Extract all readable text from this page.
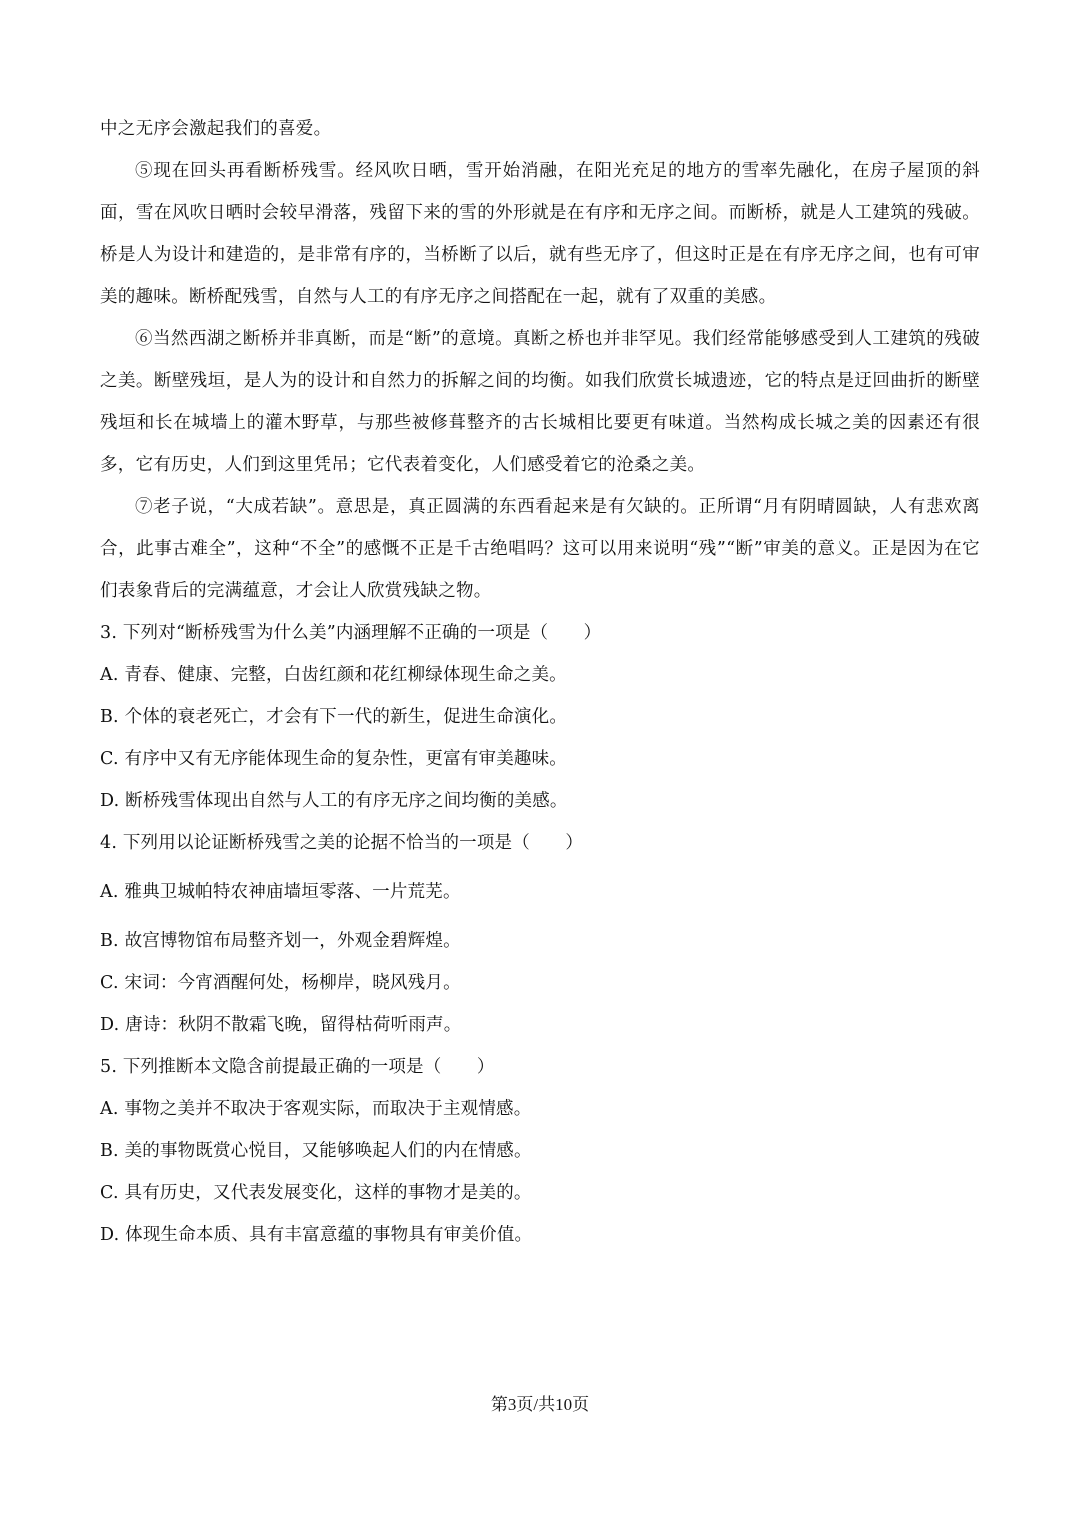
中之无序会激起我们的喜爱。

⑤现在回头再看断桥残雪。经风吹日晒，雪开始消融，在阳光充足的地方的雪率先融化，在房子屋顶的斜面，雪在风吹日晒时会较早滑落，残留下来的雪的外形就是在有序和无序之间。而断桥，就是人工建筑的残破。桥是人为设计和建造的，是非常有序的，当桥断了以后，就有些无序了，但这时正是在有序无序之间，也有可审美的趣味。断桥配残雪，自然与人工的有序无序之间搭配在一起，就有了双重的美感。

⑥当然西湖之断桥并非真断，而是“断”的意境。真断之桥也并非罕见。我们经常能够感受到人工建筑的残破之美。断壁残垣，是人为的设计和自然力的拆解之间的均衡。如我们欣赏长城遗迹，它的特点是迂回曲折的断壁残垣和长在城墙上的灌木野草，与那些被修葺整齐的古长城相比要更有味道。当然构成长城之美的因素还有很多，它有历史，人们到这里凭吊；它代表着变化，人们感受着它的沧桑之美。

⑦老子说，“大成若缺”。意思是，真正圆满的东西看起来是有欠缺的。正所谓“月有阴晴圆缺，人有悲欢离合，此事古难全”，这种“不全”的感慨不正是千古绝唱吗？这可以用来说明“残”“断”审美的意义。正是因为在它们表象背后的完满蕴意，才会让人欣赏残缺之物。

3. 下列对“断桥残雪为什么美”内涵理解不正确的一项是（　　）

A. 青春、健康、完整，白齿红颜和花红柳绿体现生命之美。

B. 个体的衰老死亡，才会有下一代的新生，促进生命演化。

C. 有序中又有无序能体现生命的复杂性，更富有审美趣味。

D. 断桥残雪体现出自然与人工的有序无序之间均衡的美感。

4. 下列用以论证断桥残雪之美的论据不恰当的一项是（　　）

A. 雅典卫城帕特农神庙墙垣零落、一片荒芜。

B. 故宫博物馆布局整齐划一，外观金碧辉煌。

C. 宋词：今宵酒醒何处，杨柳岸，晓风残月。

D. 唐诗：秋阴不散霜飞晚，留得枯荷听雨声。

5. 下列推断本文隐含前提最正确的一项是（　　）

A. 事物之美并不取决于客观实际，而取决于主观情感。

B. 美的事物既赏心悦目，又能够唤起人们的内在情感。

C. 具有历史，又代表发展变化，这样的事物才是美的。

D. 体现生命本质、具有丰富意蕴的事物具有审美价值。

第3页/共10页
